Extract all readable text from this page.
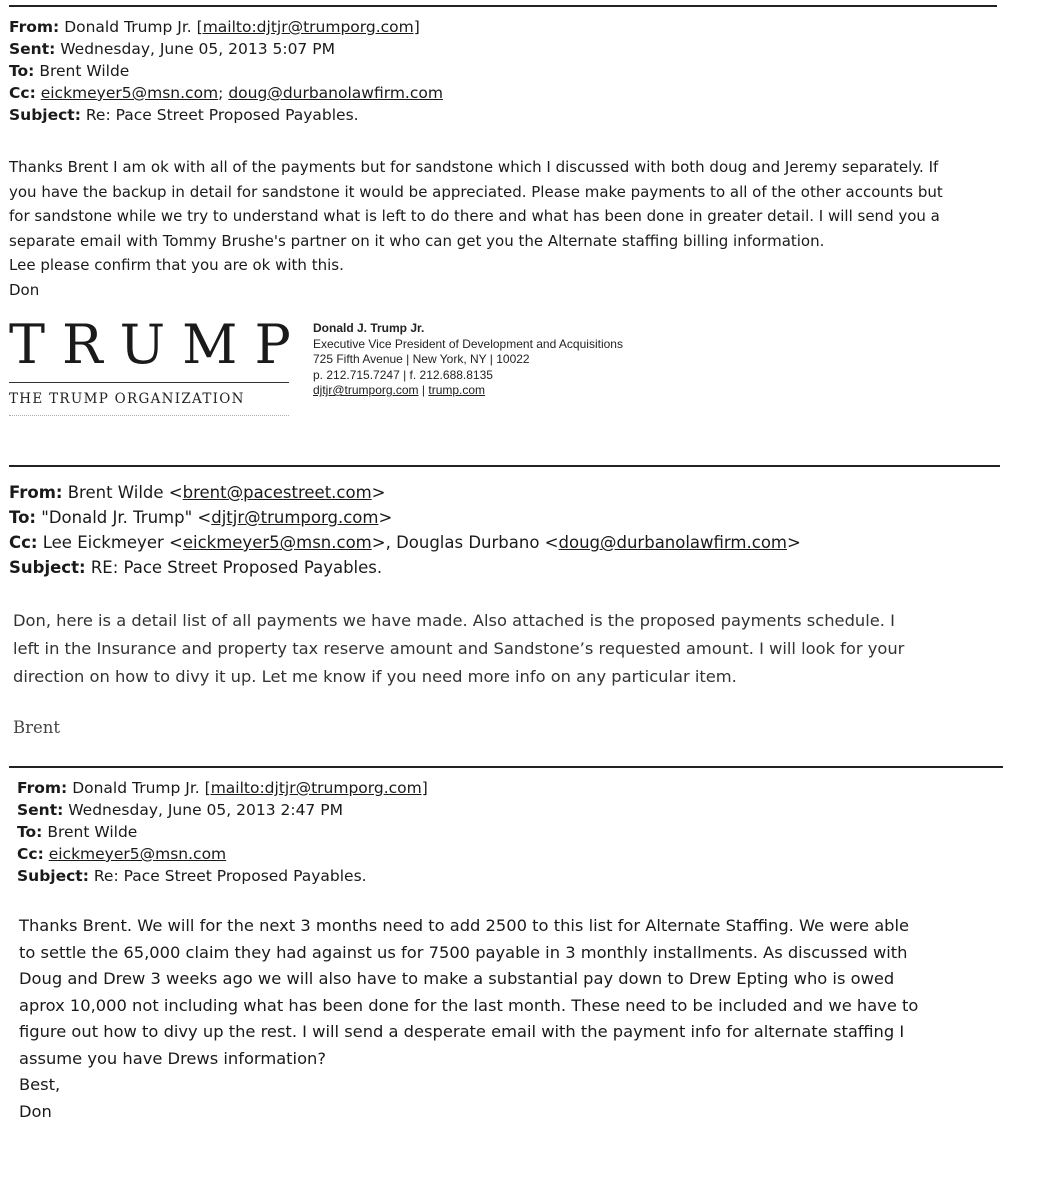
From: Donald Trump Jr. [mailto:djtjr@trumporg.com]
Sent: Wednesday, June 05, 2013 5:07 PM
To: Brent Wilde
Cc: eickmeyer5@msn.com; doug@durbanolawfirm.com
Subject: Re: Pace Street Proposed Payables.
Thanks Brent I am ok with all of the payments but for sandstone which I discussed with both doug and Jeremy separately. If
you have the backup in detail for sandstone it would be appreciated. Please make payments to all of the other accounts but
for sandstone while we try to understand what is left to do there and what has been done in greater detail. I will send you a
separate email with Tommy Brushe's partner on it who can get you the Alternate staffing billing information.
Lee please confirm that you are ok with this.
Don
TRUMP
THE TRUMP ORGANIZATION
Donald J. Trump Jr.
Executive Vice President of Development and Acquisitions
725 Fifth Avenue | New York, NY | 10022
p. 212.715.7247 | f. 212.688.8135
djtjr@trumporg.com | trump.com
From: Brent Wilde <brent@pacestreet.com>
To: "Donald Jr. Trump" <djtjr@trumporg.com>
Cc: Lee Eickmeyer <eickmeyer5@msn.com>, Douglas Durbano <doug@durbanolawfirm.com>
Subject: RE: Pace Street Proposed Payables.
Don, here is a detail list of all payments we have made. Also attached is the proposed payments schedule. I
left in the Insurance and property tax reserve amount and Sandstone’s requested amount. I will look for your
direction on how to divy it up. Let me know if you need more info on any particular item.
Brent
From: Donald Trump Jr. [mailto:djtjr@trumporg.com]
Sent: Wednesday, June 05, 2013 2:47 PM
To: Brent Wilde
Cc: eickmeyer5@msn.com
Subject: Re: Pace Street Proposed Payables.
Thanks Brent. We will for the next 3 months need to add 2500 to this list for Alternate Staffing. We were able
to settle the 65,000 claim they had against us for 7500 payable in 3 monthly installments. As discussed with
Doug and Drew 3 weeks ago we will also have to make a substantial pay down to Drew Epting who is owed
aprox 10,000 not including what has been done for the last month. These need to be included and we have to
figure out how to divy up the rest. I will send a desperate email with the payment info for alternate staffing I
assume you have Drews information?
Best,
Don
